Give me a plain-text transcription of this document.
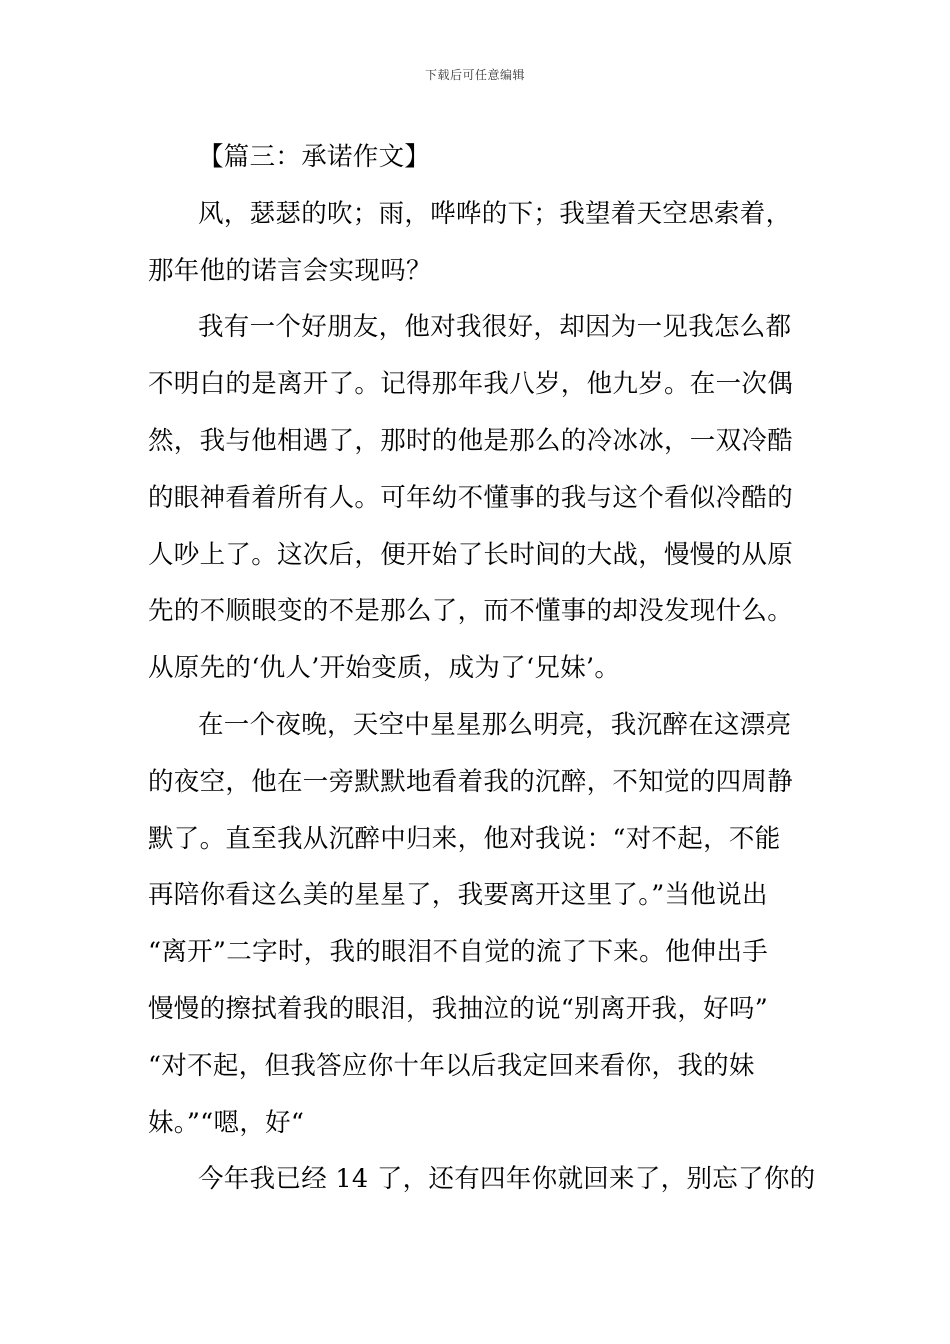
下载后可任意编辑
【篇三：承诺作文】
风，瑟瑟的吹；雨，哗哗的下；我望着天空思索着，
那年他的诺言会实现吗？
我有一个好朋友，他对我很好，却因为一见我怎么都
不明白的是离开了。记得那年我八岁，他九岁。在一次偶
然，我与他相遇了，那时的他是那么的冷冰冰，一双冷酷
的眼神看着所有人。可年幼不懂事的我与这个看似冷酷的
人吵上了。这次后，便开始了长时间的大战，慢慢的从原
先的不顺眼变的不是那么了，而不懂事的却没发现什么。
从原先的‘仇人’开始变质，成为了‘兄妹’。
在一个夜晚，天空中星星那么明亮，我沉醉在这漂亮
的夜空，他在一旁默默地看着我的沉醉，不知觉的四周静
默了。直至我从沉醉中归来，他对我说：“对不起，不能
再陪你看这么美的星星了，我要离开这里了。”当他说出
“离开”二字时，我的眼泪不自觉的流了下来。他伸出手
慢慢的擦拭着我的眼泪，我抽泣的说“别离开我，好吗”
“对不起，但我答应你十年以后我定回来看你，我的妹
妹。”“嗯，好“
今年我已经 14 了，还有四年你就回来了，别忘了你的
